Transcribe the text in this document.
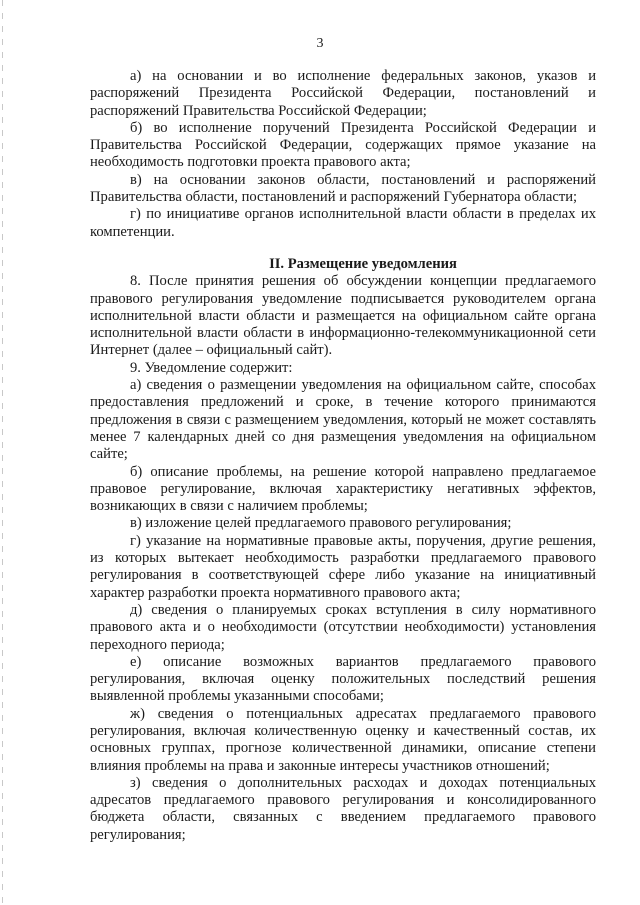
3

а) на основании и во исполнение федеральных законов, указов и распоряжений Президента Российской Федерации, постановлений и распоряжений Правительства Российской Федерации;

б) во исполнение поручений Президента Российской Федерации и Правительства Российской Федерации, содержащих прямое указание на необходимость подготовки проекта правового акта;

в) на основании законов области, постановлений и распоряжений Правительства области, постановлений и распоряжений Губернатора области;

г) по инициативе органов исполнительной власти области в пределах их компетенции.

II. Размещение уведомления

8. После принятия решения об обсуждении концепции предлагаемого правового регулирования уведомление подписывается руководителем органа исполнительной власти области и размещается на официальном сайте органа исполнительной власти области в информационно-телекоммуникационной сети Интернет (далее – официальный сайт).

9. Уведомление содержит:

а) сведения о размещении уведомления на официальном сайте, способах предоставления предложений и сроке, в течение которого принимаются предложения в связи с размещением уведомления, который не может составлять менее 7 календарных дней со дня размещения уведомления на официальном сайте;

б) описание проблемы, на решение которой направлено предлагаемое правовое регулирование, включая характеристику негативных эффектов, возникающих в связи с наличием проблемы;

в) изложение целей предлагаемого правового регулирования;

г) указание на нормативные правовые акты, поручения, другие решения, из которых вытекает необходимость разработки предлагаемого правового регулирования в соответствующей сфере либо указание на инициативный характер разработки проекта нормативного правового акта;

д) сведения о планируемых сроках вступления в силу нормативного правового акта и о необходимости (отсутствии необходимости) установления переходного периода;

е) описание возможных вариантов предлагаемого правового регулирования, включая оценку положительных последствий решения выявленной проблемы указанными способами;

ж) сведения о потенциальных адресатах предлагаемого правового регулирования, включая количественную оценку и качественный состав, их основных группах, прогнозе количественной динамики, описание степени влияния проблемы на права и законные интересы участников отношений;

з) сведения о дополнительных расходах и доходах потенциальных адресатов предлагаемого правового регулирования и консолидированного бюджета области, связанных с введением предлагаемого правового регулирования;
